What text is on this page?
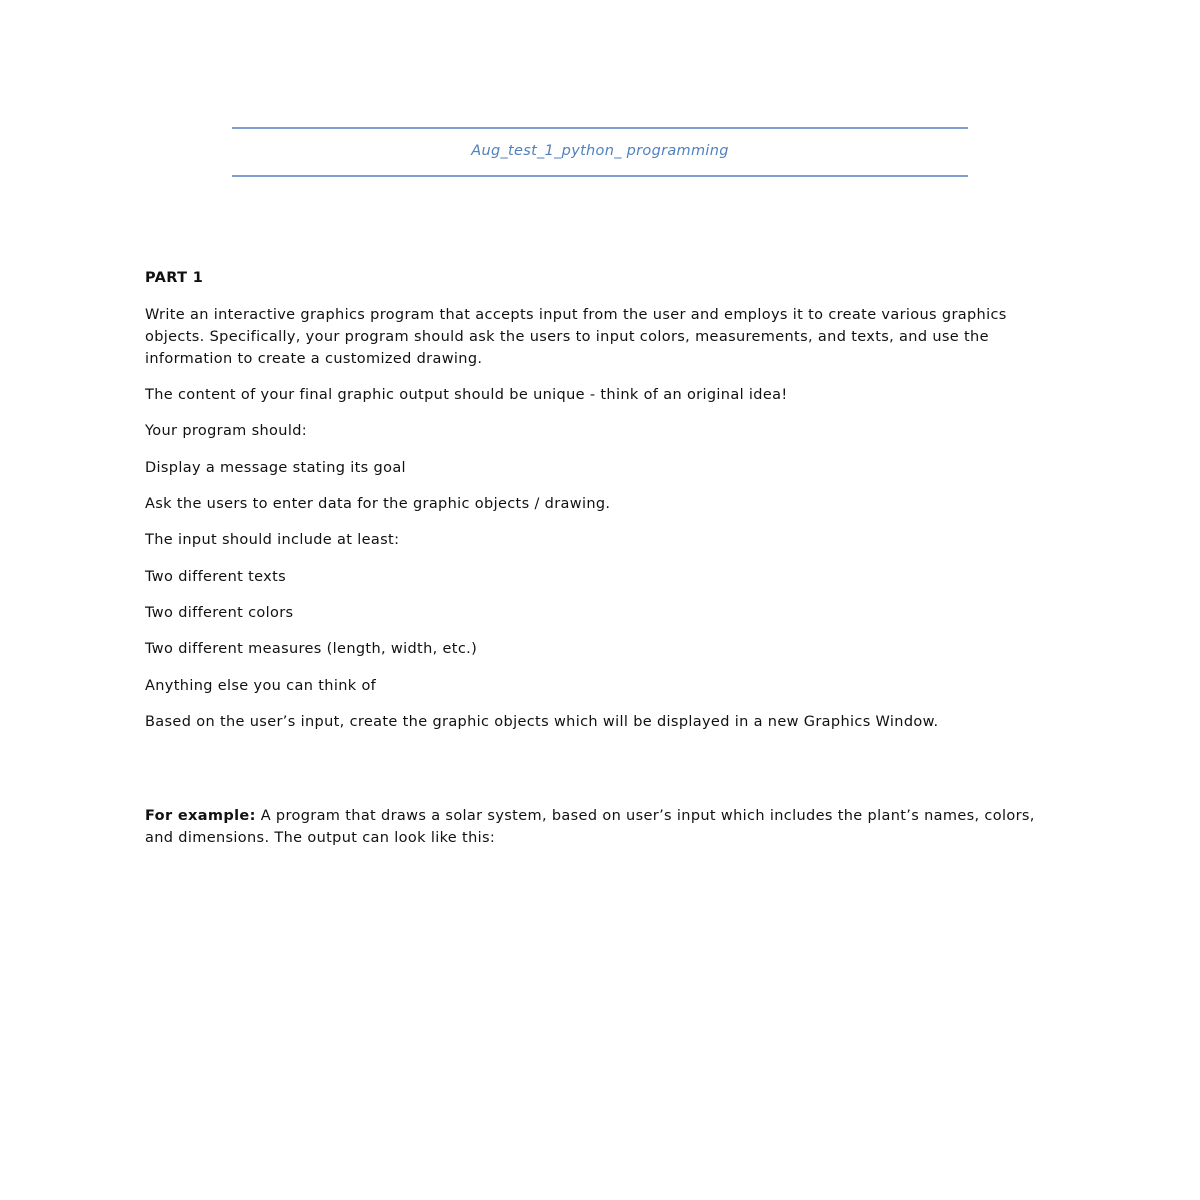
Aug_test_1_python_ programming
PART 1
Write an interactive graphics program that accepts input from the user and employs it to create various graphics objects. Specifically, your program should ask the users to input colors, measurements, and texts, and use the information to create a customized drawing.
The content of your final graphic output should be unique - think of an original idea!
Your program should:
Display a message stating its goal
Ask the users to enter data for the graphic objects / drawing.
The input should include at least:
Two different texts
Two different colors
Two different measures (length, width, etc.)
Anything else you can think of
Based on the user’s input, create the graphic objects which will be displayed in a new Graphics Window.
For example: A program that draws a solar system, based on user’s input which includes the plant’s names, colors, and dimensions. The output can look like this:
